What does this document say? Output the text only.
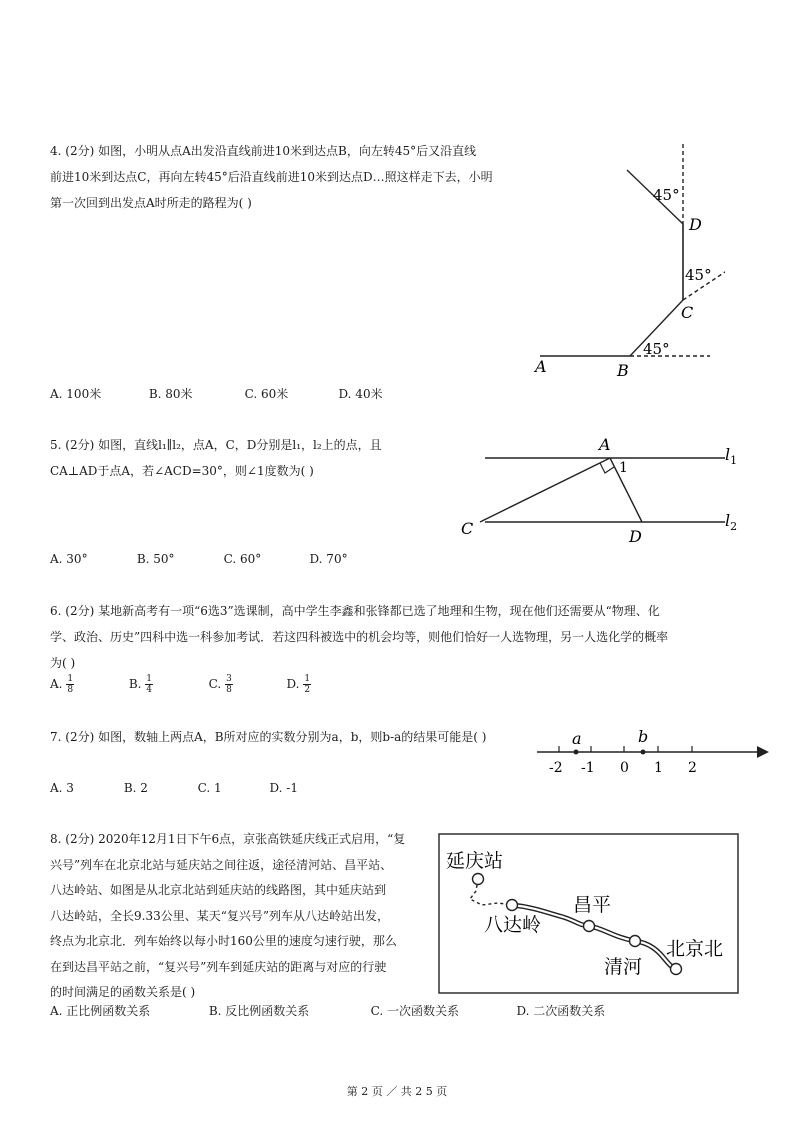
4. (2分) 如图，小明从点A出发沿直线前进10米到达点B，向左转45°后又沿直线
前进10米到达点C，再向左转45°后沿直线前进10米到达点D…照这样走下去，小明
第一次回到出发点A时所走的路程为( )	45°
45°
45°
D
C
B
A
A. 100米	B. 80米	C. 60米	D. 40米
5. (2分) 如图，直线l₁∥l₂，点A，C，D分别是l₁，l₂上的点，且
CA⊥AD于点A，若∠ACD=30°，则∠1度数为( )
A
1
C	D
$l_1$
$l_2$
A. 30°	B. 50°	C. 60°	D. 70°
6. (2分) 某地新高考有一项“6选3”选课制，高中学生李鑫和张锋都已选了地理和生物，现在他们还需要从“物理、化
学、政治、历史”四科中选一科参加考试．若这四科被选中的机会均等，则他们恰好一人选物理，另一人选化学的概率
为( )
A. $\frac{1}{8}$	B. $\frac{1}{4}$	C. $\frac{3}{8}$	D. $\frac{1}{2}$
7. (2分) 如图，数轴上两点A，B所对应的实数分别为a，b，则b-a的结果可能是( )	a	b
-2 -1 0 1 2
A. 3	B. 2	C. 1	D. -1
8. (2分) 2020年12月1日下午6点，京张高铁延庆线正式启用，“复
兴号”列车在北京北站与延庆站之间往返，途径清河站、昌平站、
八达岭站、如图是从北京北站到延庆站的线路图，其中延庆站到
八达岭站，全长9.33公里、某天“复兴号”列车从八达岭站出发，
终点为北京北．列车始终以每小时160公里的速度匀速行驶，那么
在到达昌平站之前，“复兴号”列车到延庆站的距离与对应的行驶
的时间满足的函数关系是( )
延庆站
八达岭
昌平
清河
北京北
A. 正比例函数关系	B. 反比例函数关系	C. 一次函数关系	D. 二次函数关系
第 2 页 ／ 共 2 5 页
